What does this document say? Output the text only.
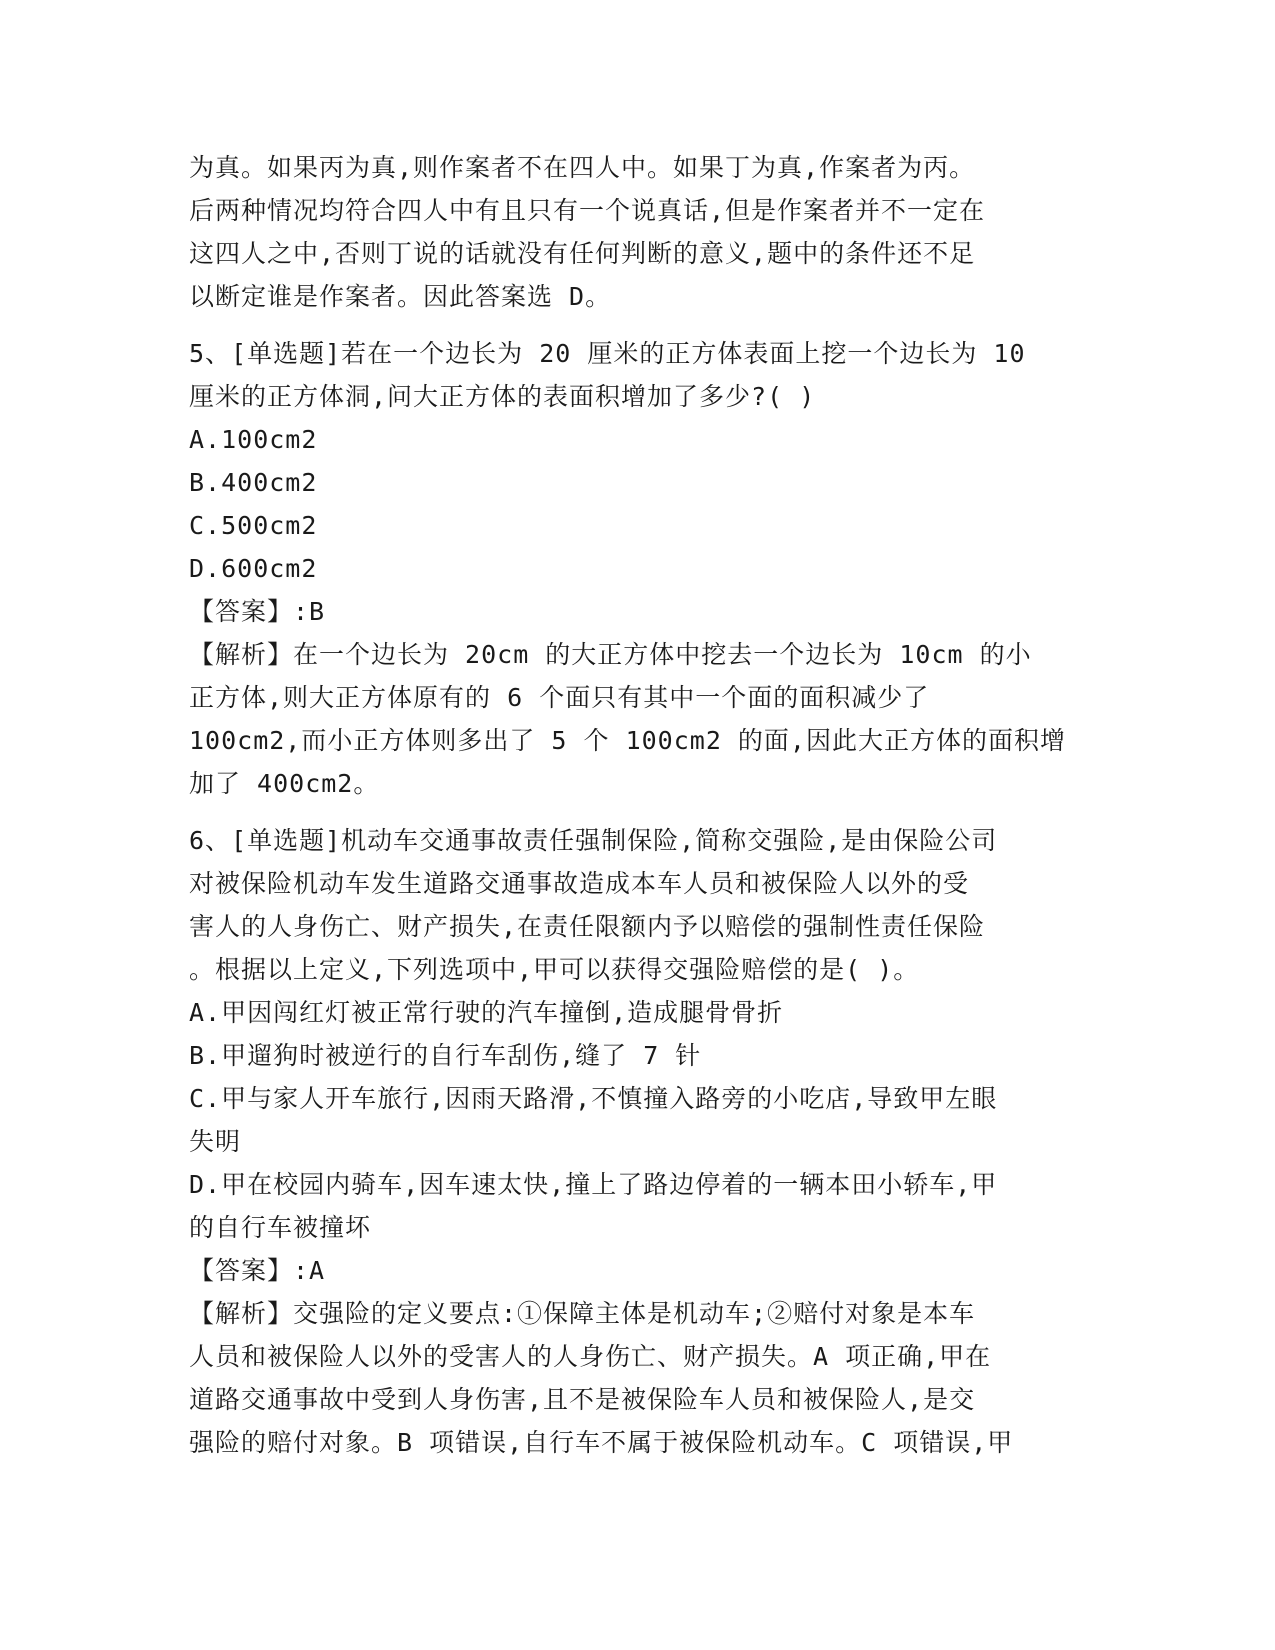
为真。如果丙为真,则作案者不在四人中。如果丁为真,作案者为丙。
后两种情况均符合四人中有且只有一个说真话,但是作案者并不一定在
这四人之中,否则丁说的话就没有任何判断的意义,题中的条件还不足
以断定谁是作案者。因此答案选 D。
5、[单选题]若在一个边长为 20 厘米的正方体表面上挖一个边长为 10
厘米的正方体洞,问大正方体的表面积增加了多少?( )
A.100cm2
B.400cm2
C.500cm2
D.600cm2
【答案】:B
【解析】在一个边长为 20cm 的大正方体中挖去一个边长为 10cm 的小
正方体,则大正方体原有的 6 个面只有其中一个面的面积减少了
100cm2,而小正方体则多出了 5 个 100cm2 的面,因此大正方体的面积增
加了 400cm2。
6、[单选题]机动车交通事故责任强制保险,简称交强险,是由保险公司
对被保险机动车发生道路交通事故造成本车人员和被保险人以外的受
害人的人身伤亡、财产损失,在责任限额内予以赔偿的强制性责任保险
。根据以上定义,下列选项中,甲可以获得交强险赔偿的是( )。
A.甲因闯红灯被正常行驶的汽车撞倒,造成腿骨骨折
B.甲遛狗时被逆行的自行车刮伤,缝了 7 针
C.甲与家人开车旅行,因雨天路滑,不慎撞入路旁的小吃店,导致甲左眼
失明
D.甲在校园内骑车,因车速太快,撞上了路边停着的一辆本田小轿车,甲
的自行车被撞坏
【答案】:A
【解析】交强险的定义要点:①保障主体是机动车;②赔付对象是本车
人员和被保险人以外的受害人的人身伤亡、财产损失。A 项正确,甲在
道路交通事故中受到人身伤害,且不是被保险车人员和被保险人,是交
强险的赔付对象。B 项错误,自行车不属于被保险机动车。C 项错误,甲
